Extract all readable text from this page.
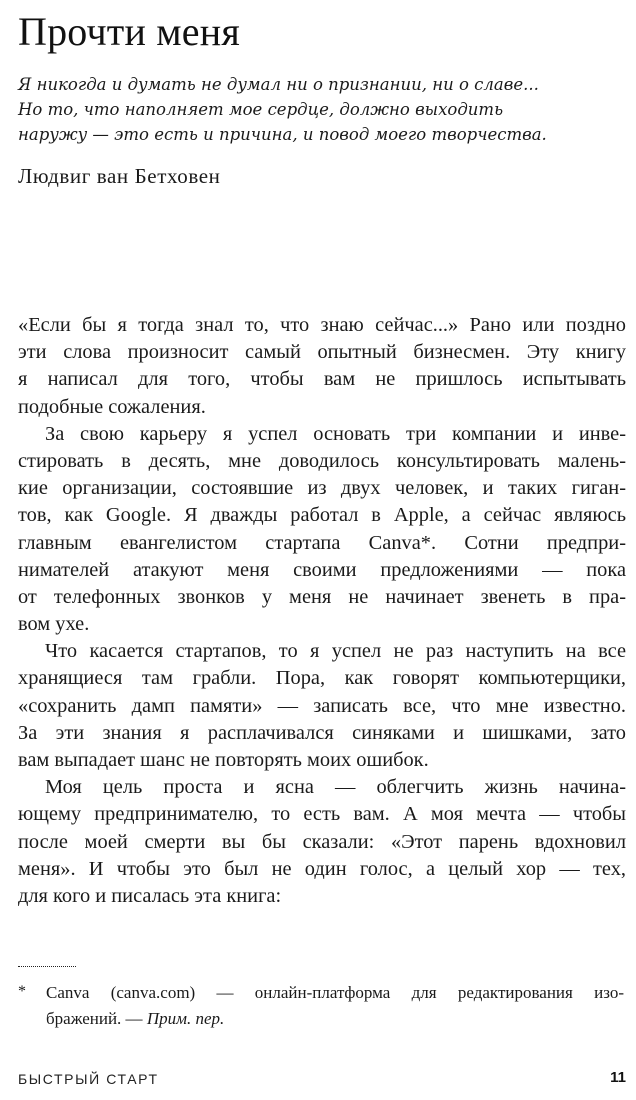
Прочти меня
Я никогда и думать не думал ни о признании, ни о славе...
Но то, что наполняет мое сердце, должно выходить
наружу — это есть и причина, и повод моего творчества.

Людвиг ван Бетховен

«Если бы я тогда знал то, что знаю сейчас...» Рано или поздно
эти слова произносит самый опытный бизнесмен. Эту книгу
я написал для того, чтобы вам не пришлось испытывать
подобные сожаления.
За свою карьеру я успел основать три компании и инве-
стировать в десять, мне доводилось консультировать малень-
кие организации, состоявшие из двух человек, и таких гиган-
тов, как Google. Я дважды работал в Apple, а сейчас являюсь
главным евангелистом стартапа Canva*. Сотни предпри-
нимателей атакуют меня своими предложениями — пока
от телефонных звонков у меня не начинает звенеть в пра-
вом ухе.
Что касается стартапов, то я успел не раз наступить на все
хранящиеся там грабли. Пора, как говорят компьютерщики,
«сохранить дамп памяти» — записать все, что мне известно.
За эти знания я расплачивался синяками и шишками, зато
вам выпадает шанс не повторять моих ошибок.
Моя цель проста и ясна — облегчить жизнь начина-
ющему предпринимателю, то есть вам. А моя мечта — чтобы
после моей смерти вы бы сказали: «Этот парень вдохновил
меня». И чтобы это был не один голос, а целый хор — тех,
для кого и писалась эта книга:
* Canva (canva.com) — онлайн-платформа для редактирования изо-
бражений. — Прим. пер.
БЫСТРЫЙ СТАРТ	11
